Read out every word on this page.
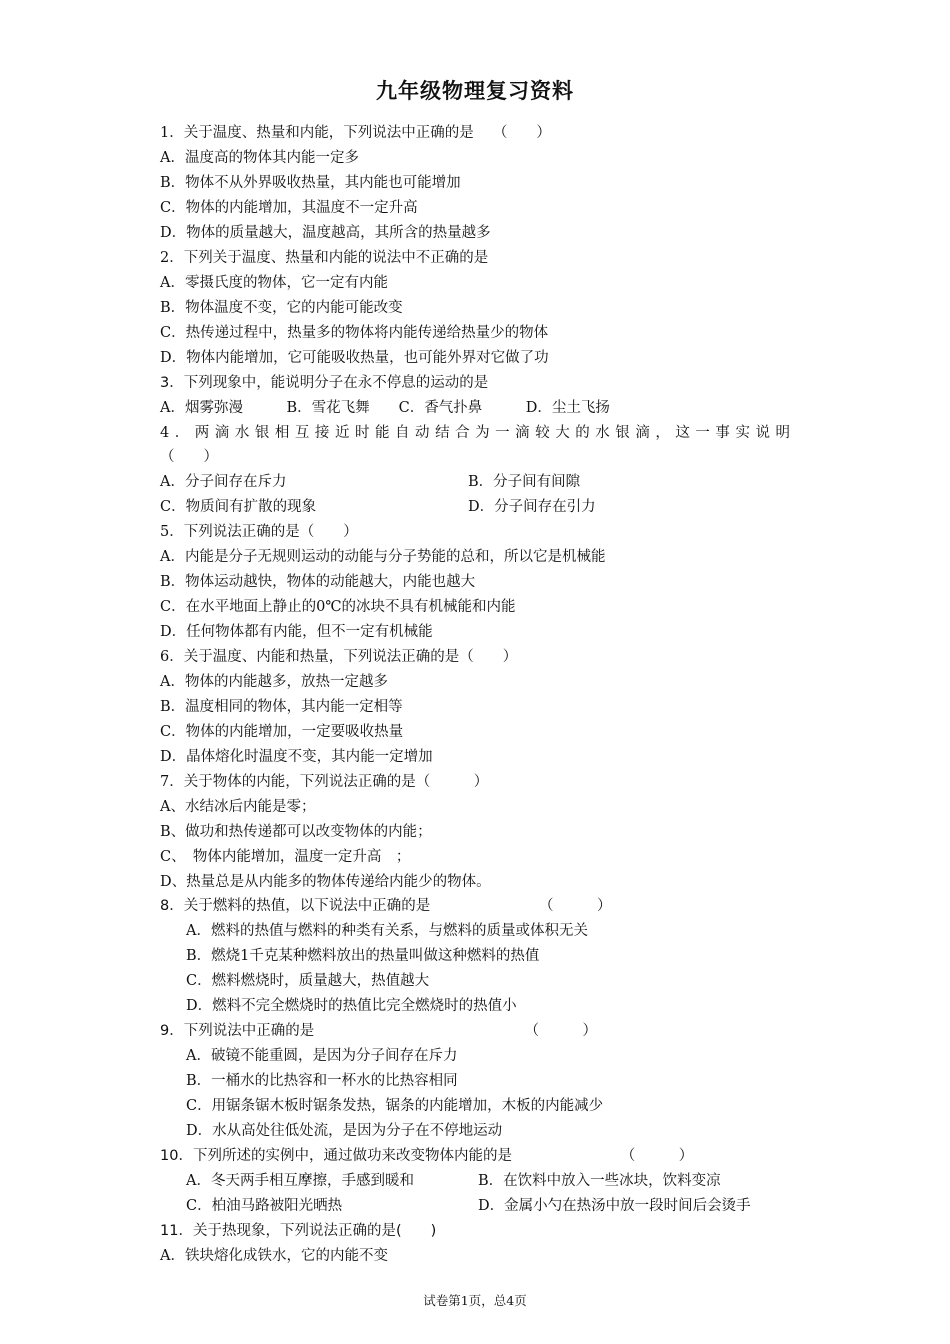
九年级物理复习资料
1．关于温度、热量和内能，下列说法中正确的是　 （　　）
A．温度高的物体其内能一定多
B．物体不从外界吸收热量，其内能也可能增加
C．物体的内能增加，其温度不一定升高
D．物体的质量越大，温度越高，其所含的热量越多
2．下列关于温度、热量和内能的说法中不正确的是
A．零摄氏度的物体，它一定有内能
B．物体温度不变，它的内能可能改变
C．热传递过程中，热量多的物体将内能传递给热量少的物体
D．物体内能增加，它可能吸收热量，也可能外界对它做了功
3．下列现象中，能说明分子在永不停息的运动的是
A．烟雾弥漫　　　B．雪花飞舞　　C．香气扑鼻　　　D．尘土飞扬
4．两滴水银相互接近时能自动结合为一滴较大的水银滴，这一事实说明
（　　）
A．分子间存在斥力	B．分子间有间隙
C．物质间有扩散的现象	D．分子间存在引力
5．下列说法正确的是（　　）
A．内能是分子无规则运动的动能与分子势能的总和，所以它是机械能
B．物体运动越快，物体的动能越大，内能也越大
C．在水平地面上静止的0℃的冰块不具有机械能和内能
D．任何物体都有内能，但不一定有机械能
6．关于温度、内能和热量，下列说法正确的是（　　）
A．物体的内能越多，放热一定越多
B．温度相同的物体，其内能一定相等
C．物体的内能增加，一定要吸收热量
D．晶体熔化时温度不变，其内能一定增加
7．关于物体的内能，下列说法正确的是（　　　）
A、水结冰后内能是零；
B、做功和热传递都可以改变物体的内能；
C、　物体内能增加，温度一定升高　；
D、热量总是从内能多的物体传递给内能少的物体。
8．关于燃料的热值，以下说法中正确的是　　　　　　　　（　　　）
A．燃料的热值与燃料的种类有关系，与燃料的质量或体积无关
B．燃烧1千克某种燃料放出的热量叫做这种燃料的热值
C．燃料燃烧时，质量越大，热值越大
D．燃料不完全燃烧时的热值比完全燃烧时的热值小
9．下列说法中正确的是　　　　　　　　　　　　　　　（　　　）
A．破镜不能重圆，是因为分子间存在斥力
B．一桶水的比热容和一杯水的比热容相同
C．用锯条锯木板时锯条发热，锯条的内能增加，木板的内能减少
D．水从高处往低处流，是因为分子在不停地运动
10．下列所述的实例中，通过做功来改变物体内能的是　　　　　　　　（　　　）
A．冬天两手相互摩擦，手感到暖和	B．在饮料中放入一些冰块，饮料变凉
C．柏油马路被阳光晒热	D．金属小勺在热汤中放一段时间后会烫手
11．关于热现象，下列说法正确的是(　　)
A．铁块熔化成铁水，它的内能不变
试卷第1页，总4页
